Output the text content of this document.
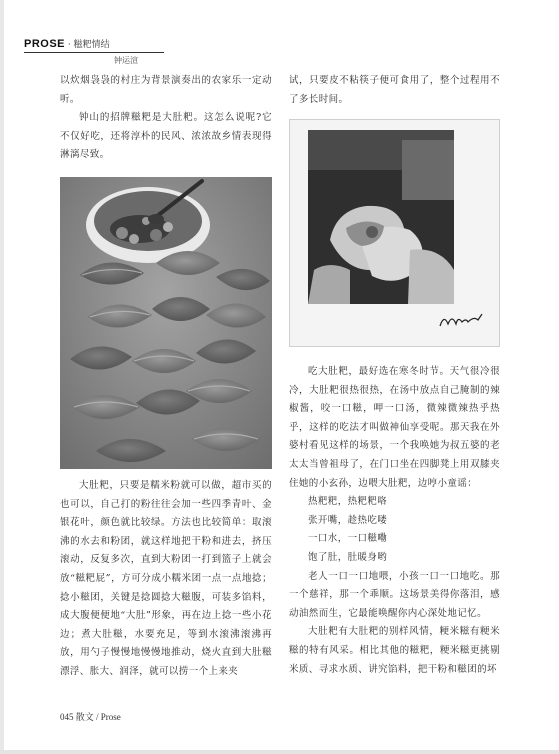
PROSE · 糍粑情结
钟运渲

以炊烟袅袅的村庄为背景演奏出的农家乐一定动听。

钟山的招牌糍粑是大肚粑。这怎么说呢?它不仅好吃，还将淳朴的民风、浓浓故乡情表现得淋漓尽致。

大肚粑，只要是糯米粉就可以做，超市买的也可以，自己打的粉往往会加一些四季青叶、金银花叶，颜色就比较绿。方法也比较简单：取滚沸的水去和粉团，就这样地把干粉和进去，挤压滚动，反复多次，直到大粉团一打到篮子上就会放“糍粑屁”，方可分成小糯米团一点一点地捻；捻小糍团，关键是捻圆捻大糍腹，可装多馅料，成大腹便便地“大肚”形象，再在边上捻一些小花边；煮大肚糍，水要充足，等到水滚沸滚沸再放，用勺子慢慢地慢慢地推动，烧火直到大肚糍漂浮、胀大、润泽，就可以捞一个上来夹

试，只要皮不粘筷子便可食用了，整个过程用不了多长时间。

吃大肚粑，最好选在寒冬时节。天气很冷很冷，大肚粑很热很热，在汤中放点自己腌制的辣椒酱，咬一口糍，呷一口汤，微辣微辣热乎热乎，这样的吃法才叫做神仙享受呢。那天我在外婆村看见这样的场景，一个我唤她为叔五婆的老太太当曾祖母了，在门口坐在四脚凳上用双膝夹住她的小玄孙，边喂大肚粑，边哼小童谣：

热粑粑，热粑粑咯

张开嘴，趁热吃喽

一口水，一口糍嘞

饱了肚，肚暖身哟

老人一口一口地喂，小孩一口一口地吃。那一个慈祥，那一个乖顺。这场景美得你落泪，感动油然而生，它最能唤醒你内心深处地记忆。

大肚粑有大肚粑的别样风情，粳米糍有粳米糍的特有风采。相比其他的糍粑，粳米糍更挑剔米质、寻求水质、讲究馅料，把干粉和糍团的坏

045 散文 / Prose
